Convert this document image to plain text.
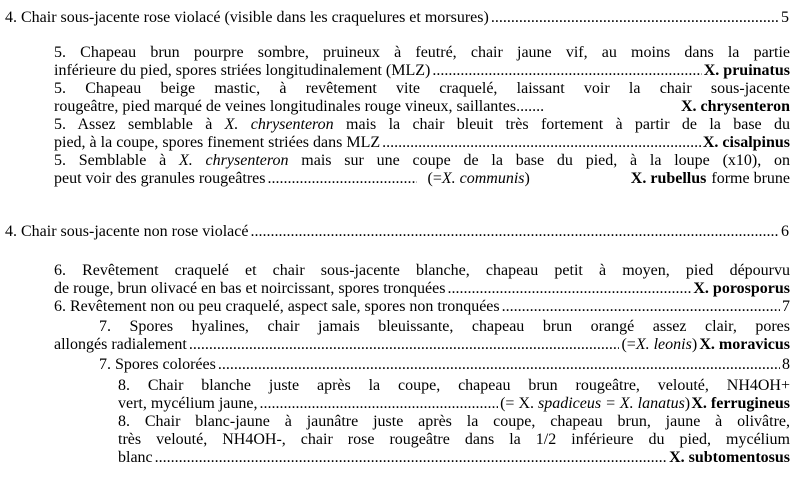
4. Chair sous-jacente rose violacé (visible dans les craquelures et morsures) .....	5
5. Chapeau brun pourpre sombre, pruineux à feutré, chair jaune vif, au moins dans la partie
inférieure du pied, spores striées longitudinalement (MLZ) .....	X. pruinatus
5. Chapeau beige mastic, à revêtement vite craquelé, laissant voir la chair sous-jacente
rougeâtre, pied marqué de veines longitudinales rouge vineux, saillantes.......	X. chrysenteron
5. Assez semblable à X. chrysenteron mais la chair bleuit très fortement à partir de la base du
pied, à la coupe, spores finement striées dans MLZ .....	X. cisalpinus
5. Semblable à X. chrysenteron mais sur une coupe de la base du pied, à la loupe (x10), on
peut voir des granules rougeâtres .....	(=X. communis)	X. rubellus forme brune
4. Chair sous-jacente non rose violacé .....	6
6. Revêtement craquelé et chair sous-jacente blanche, chapeau petit à moyen, pied dépourvu
de rouge, brun olivacé en bas et noircissant, spores tronquées .....	X. porosporus
6. Revêtement non ou peu craquelé, aspect sale, spores non tronquées .....	7
7. Spores hyalines, chair jamais bleuissante, chapeau brun orangé assez clair, pores
allongés radialement .....	(=X. leonis) X. moravicus
7. Spores colorées .....	8
8. Chair blanche juste après la coupe, chapeau brun rougeâtre, velouté, NH4OH+
vert, mycélium jaune, .....	(= X. spadiceus = X. lanatus) X. ferrugineus
8. Chair blanc-jaune à jaunâtre juste après la coupe, chapeau brun, jaune à olivâtre,
très velouté, NH4OH-, chair rose rougeâtre dans la 1/2 inférieure du pied, mycélium
blanc .....	X. subtomentosus
